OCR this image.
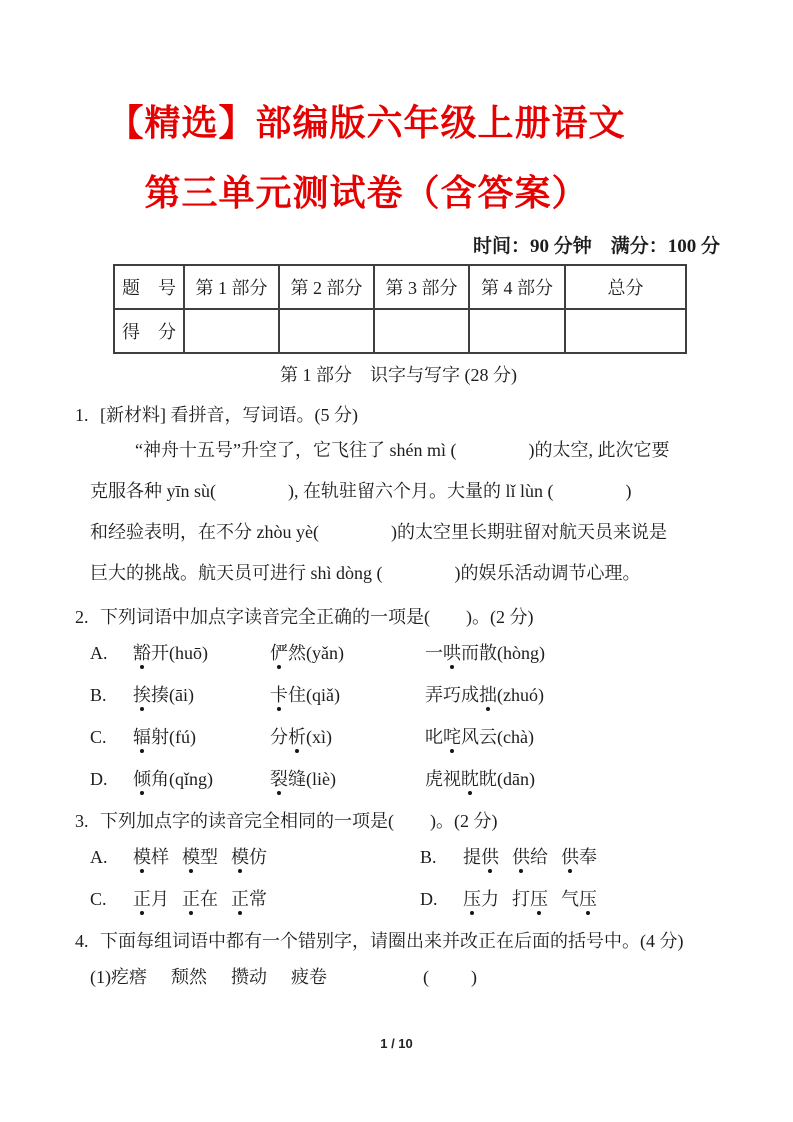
【精选】部编版六年级上册语文
第三单元测试卷（含答案）
时间：90 分钟　满分：100 分
题　号	第 1 部分	第 2 部分	第 3 部分	第 4 部分	总分
得　分					
第 1 部分　识字与写字 (28 分)
1. [新材料] 看拼音，写词语。(5 分)
“神舟十五号”升空了，它飞往了 shén mì (　　　　)的太空, 此次它要
克服各种 yīn sù(　　　　), 在轨驻留六个月。大量的 lǐ lùn (　　　　)
和经验表明，在不分 zhòu yè(　　　　)的太空里长期驻留对航天员来说是
巨大的挑战。航天员可进行 shì dòng (　　　　)的娱乐活动调节心理。
2. 下列词语中加点字读音完全正确的一项是(　　)。(2 分)
A.	豁开(huō)	俨然(yǎn)	一哄而散(hòng)
B.	挨揍(āi)	卡住(qiǎ)	弄巧成拙(zhuó)
C.	辐射(fú)	分析(xì)	叱咤风云(chà)
D.	倾角(qǐng)	裂缝(liè)	虎视眈眈(dān)
3. 下列加点字的读音完全相同的一项是(　　)。(2 分)
A.	模样 模型 模仿	B.	提供 供给 供奉
C.	正月 正在 正常	D.	压力 打压 气压
4. 下面每组词语中都有一个错别字，请圈出来并改正在后面的括号中。(4 分)
(1)疙瘩 颓然 攒动 疲卷	(　　)
1 / 10
